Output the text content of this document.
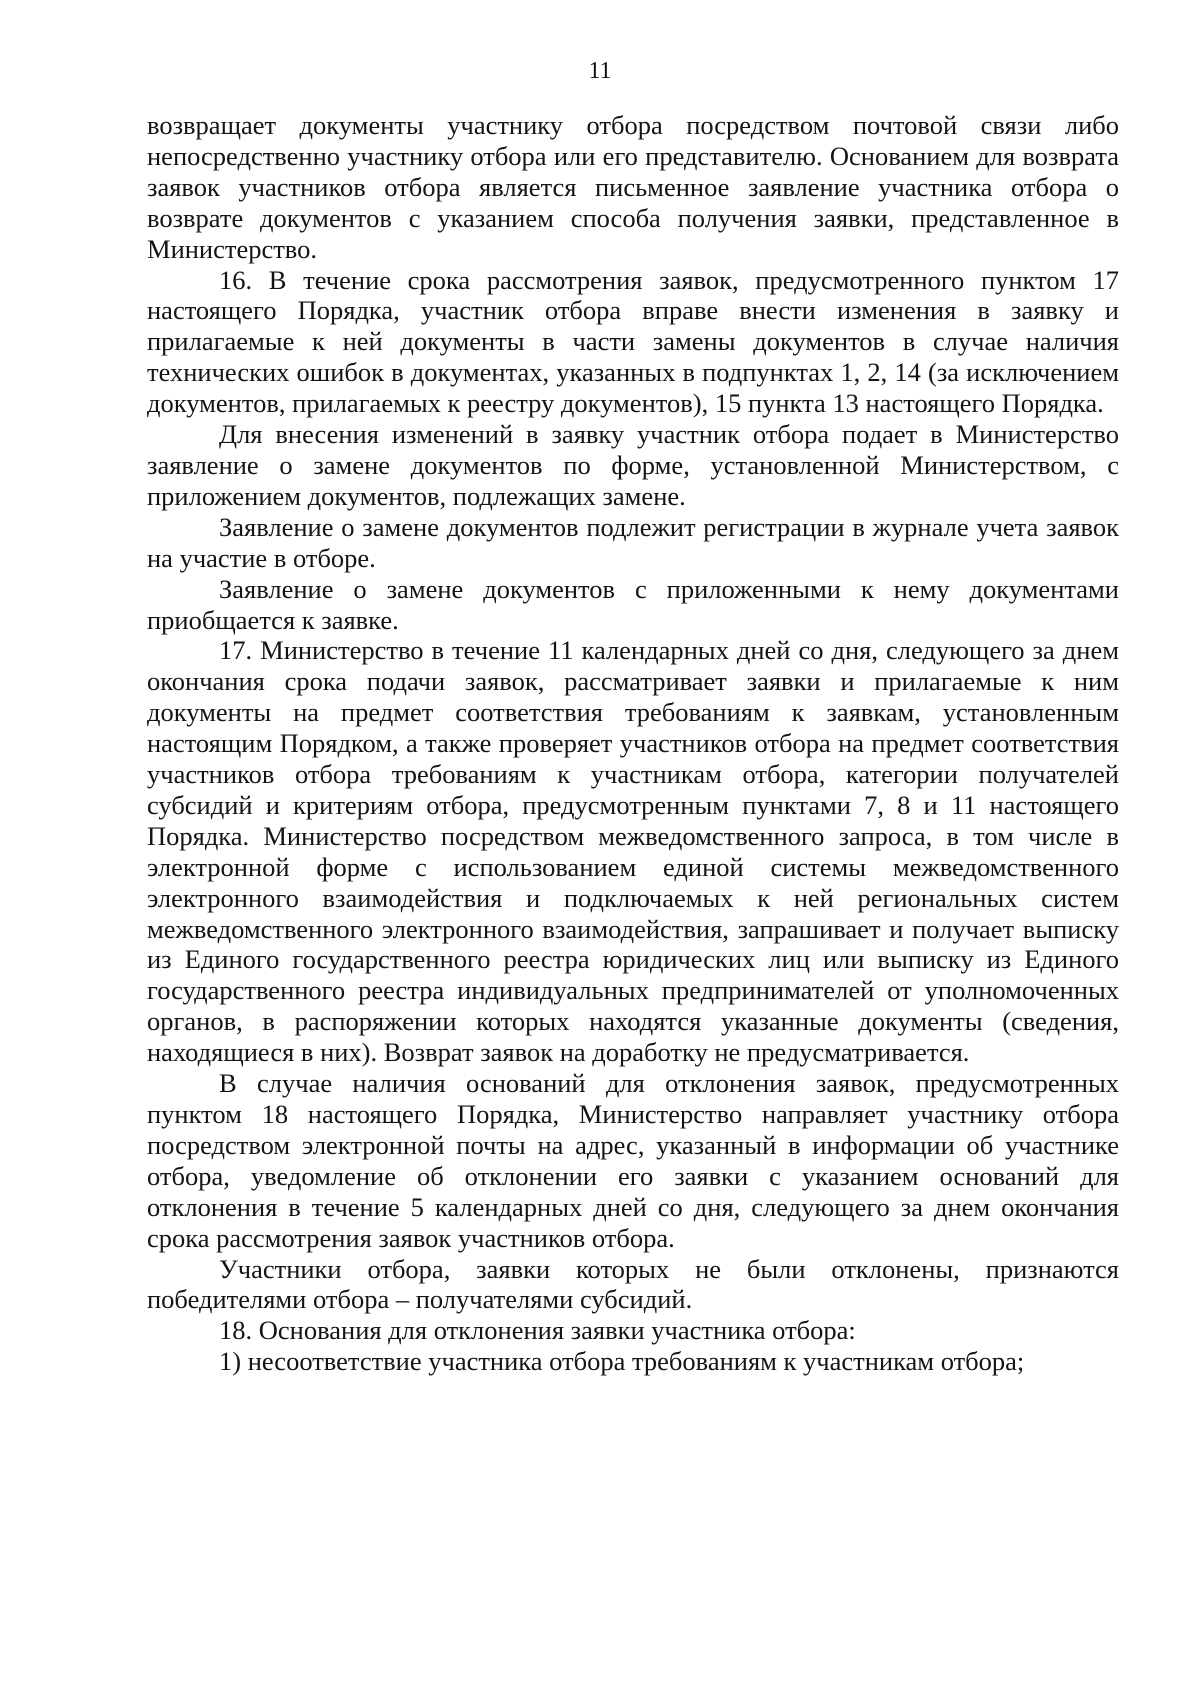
11

возвращает документы участнику отбора посредством почтовой связи либо непосредственно участнику отбора или его представителю. Основанием для возврата заявок участников отбора является письменное заявление участника отбора о возврате документов с указанием способа получения заявки, представленное в Министерство.

16. В течение срока рассмотрения заявок, предусмотренного пунктом 17 настоящего Порядка, участник отбора вправе внести изменения в заявку и прилагаемые к ней документы в части замены документов в случае наличия технических ошибок в документах, указанных в подпунктах 1, 2, 14 (за исключением документов, прилагаемых к реестру документов), 15 пункта 13 настоящего Порядка.

Для внесения изменений в заявку участник отбора подает в Министерство заявление о замене документов по форме, установленной Министерством, с приложением документов, подлежащих замене.

Заявление о замене документов подлежит регистрации в журнале учета заявок на участие в отборе.

Заявление о замене документов с приложенными к нему документами приобщается к заявке.

17. Министерство в течение 11 календарных дней со дня, следующего за днем окончания срока подачи заявок, рассматривает заявки и прилагаемые к ним документы на предмет соответствия требованиям к заявкам, установленным настоящим Порядком, а также проверяет участников отбора на предмет соответствия участников отбора требованиям к участникам отбора, категории получателей субсидий и критериям отбора, предусмотренным пунктами 7, 8 и 11 настоящего Порядка. Министерство посредством межведомственного запроса, в том числе в электронной форме с использованием единой системы межведомственного электронного взаимодействия и подключаемых к ней региональных систем межведомственного электронного взаимодействия, запрашивает и получает выписку из Единого государственного реестра юридических лиц или выписку из Единого государственного реестра индивидуальных предпринимателей от уполномоченных органов, в распоряжении которых находятся указанные документы (сведения, находящиеся в них). Возврат заявок на доработку не предусматривается.

В случае наличия оснований для отклонения заявок, предусмотренных пунктом 18 настоящего Порядка, Министерство направляет участнику отбора посредством электронной почты на адрес, указанный в информации об участнике отбора, уведомление об отклонении его заявки с указанием оснований для отклонения в течение 5 календарных дней со дня, следующего за днем окончания срока рассмотрения заявок участников отбора.

Участники отбора, заявки которых не были отклонены, признаются победителями отбора – получателями субсидий.

18. Основания для отклонения заявки участника отбора:

1) несоответствие участника отбора требованиям к участникам отбора;
